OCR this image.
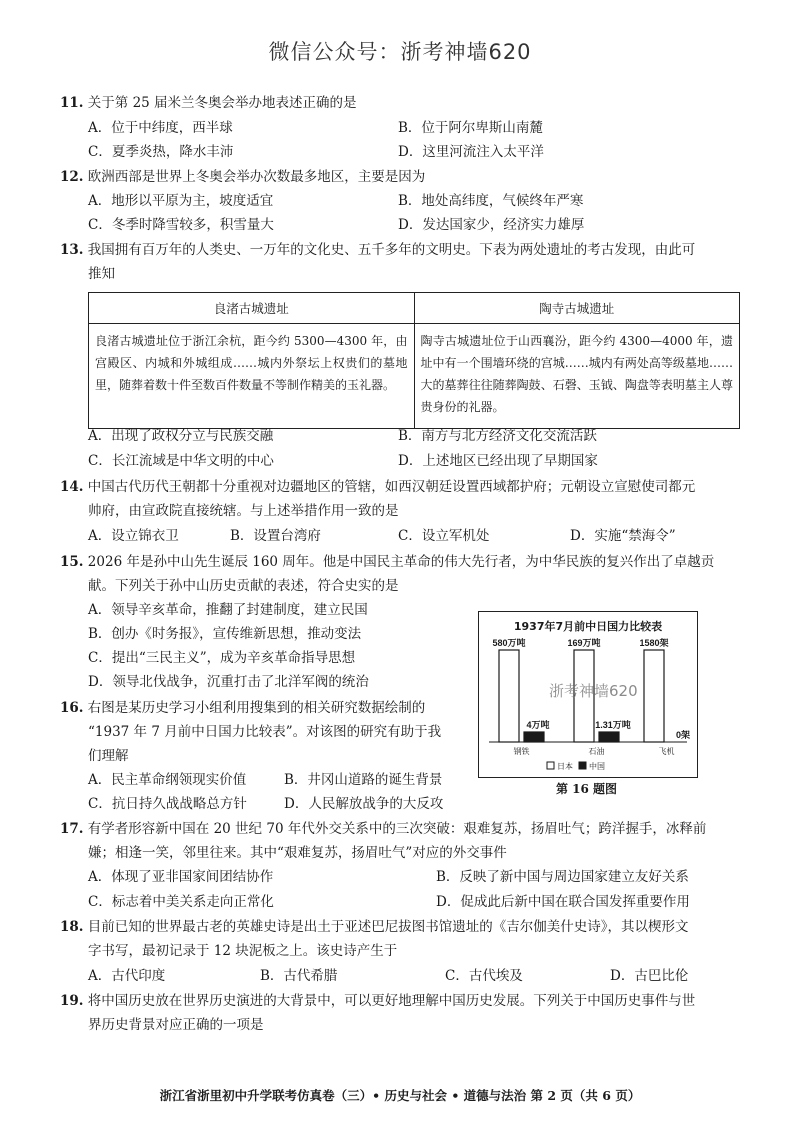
微信公众号：浙考神墙620
11. 关于第 25 届米兰冬奥会举办地表述正确的是
A．位于中纬度，西半球	B．位于阿尔卑斯山南麓
C．夏季炎热，降水丰沛	D．这里河流注入太平洋
12. 欧洲西部是世界上冬奥会举办次数最多地区，主要是因为
A．地形以平原为主，坡度适宜	B．地处高纬度，气候终年严寒
C．冬季时降雪较多，积雪量大	D．发达国家少，经济实力雄厚
13. 我国拥有百万年的人类史、一万年的文化史、五千多年的文明史。下表为两处遗址的考古发现，由此可
推知
良渚古城遗址	陶寺古城遗址
良渚古城遗址位于浙江余杭，距今约 5300—4300 年，由宫殿区、内城和外城组成……城内外祭坛上权贵们的墓地里，随葬着数十件至数百件数量不等制作精美的玉礼器。	陶寺古城遗址位于山西襄汾，距今约 4300—4000 年，遗址中有一个围墙环绕的宫城……城内有两处高等级墓地……大的墓葬往往随葬陶鼓、石磬、玉钺、陶盘等表明墓主人尊贵身份的礼器。
A．出现了政权分立与民族交融	B．南方与北方经济文化交流活跃
C．长江流域是中华文明的中心	D．上述地区已经出现了早期国家
14. 中国古代历代王朝都十分重视对边疆地区的管辖，如西汉朝廷设置西域都护府；元朝设立宣慰使司都元
帅府，由宣政院直接统辖。与上述举措作用一致的是
A．设立锦衣卫	B．设置台湾府	C．设立军机处	D．实施“禁海令”
15. 2026 年是孙中山先生诞辰 160 周年。他是中国民主革命的伟大先行者，为中华民族的复兴作出了卓越贡
献。下列关于孙中山历史贡献的表述，符合史实的是
A．领导辛亥革命，推翻了封建制度，建立民国
B．创办《时务报》，宣传维新思想，推动变法
C．提出“三民主义”，成为辛亥革命指导思想
D．领导北伐战争，沉重打击了北洋军阀的统治
16. 右图是某历史学习小组利用搜集到的相关研究数据绘制的
“1937 年 7 月前中日国力比较表”。对该图的研究有助于我
们理解
A．民主革命纲领现实价值	B．井冈山道路的诞生背景
C．抗日持久战战略总方针	D．人民解放战争的大反攻
1937年7月前中日国力比较表
580万吨
4万吨
钢铁
169万吨
1.31万吨
石油
1580架
0架
飞机
日本 中国
浙考神墙620
第 16 题图
17. 有学者形容新中国在 20 世纪 70 年代外交关系中的三次突破：艰难复苏，扬眉吐气；跨洋握手，冰释前
嫌；相逢一笑，邻里往来。其中“艰难复苏，扬眉吐气”对应的外交事件
A．体现了亚非国家间团结协作	B．反映了新中国与周边国家建立友好关系
C．标志着中美关系走向正常化	D．促成此后新中国在联合国发挥重要作用
18. 目前已知的世界最古老的英雄史诗是出土于亚述巴尼拔图书馆遗址的《吉尔伽美什史诗》，其以楔形文
字书写，最初记录于 12 块泥板之上。该史诗产生于
A．古代印度	B．古代希腊	C．古代埃及	D．古巴比伦
19. 将中国历史放在世界历史演进的大背景中，可以更好地理解中国历史发展。下列关于中国历史事件与世
界历史背景对应正确的一项是
浙江省浙里初中升学联考仿真卷（三）• 历史与社会 • 道德与法治 第 2 页（共 6 页）
